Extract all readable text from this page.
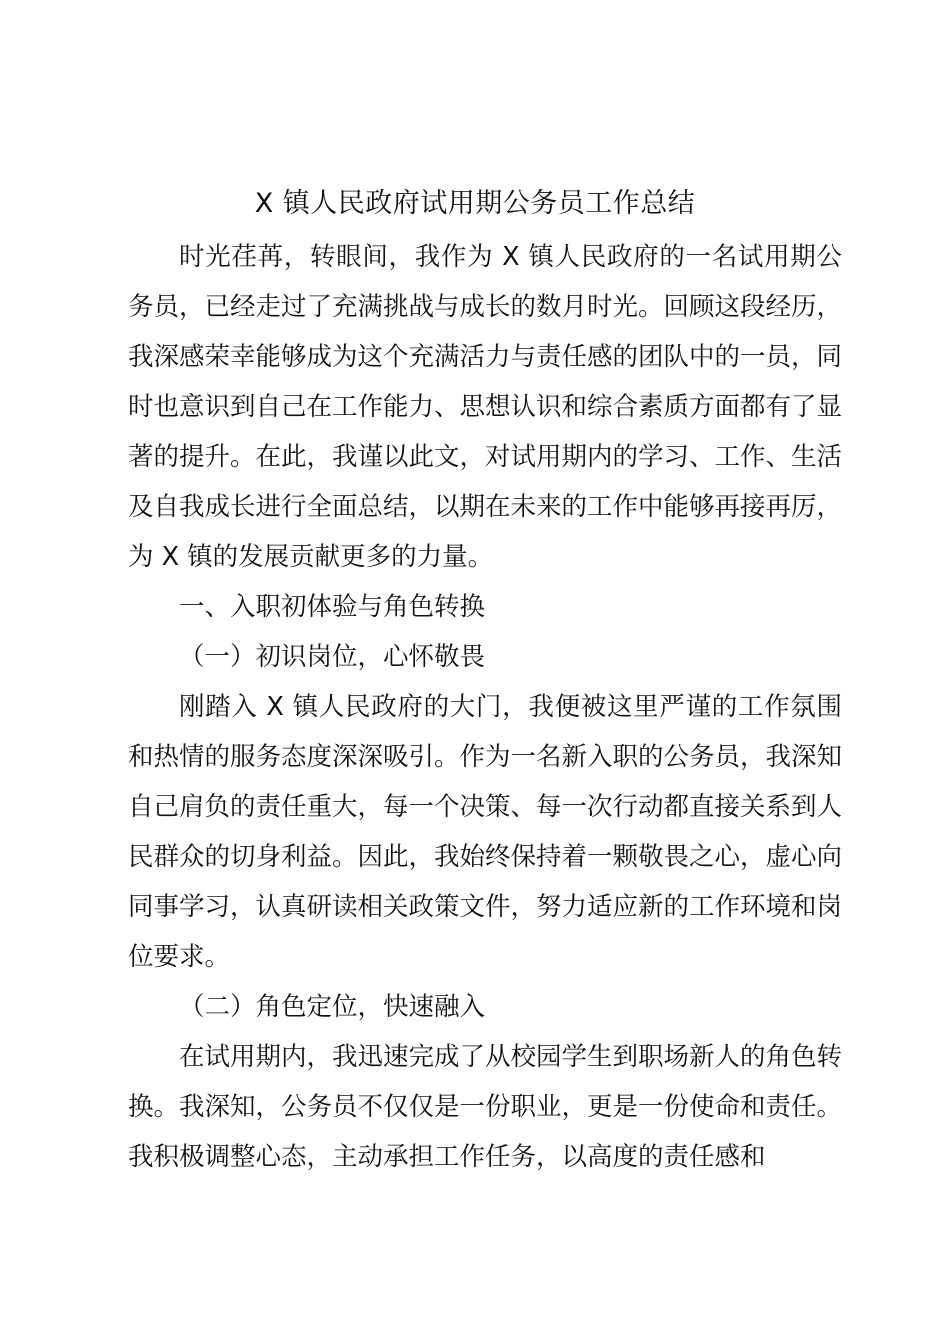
X 镇人民政府试用期公务员工作总结

时光荏苒，转眼间，我作为 X 镇人民政府的一名试用期公务员，已经走过了充满挑战与成长的数月时光。回顾这段经历，我深感荣幸能够成为这个充满活力与责任感的团队中的一员，同时也意识到自己在工作能力、思想认识和综合素质方面都有了显著的提升。在此，我谨以此文，对试用期内的学习、工作、生活及自我成长进行全面总结，以期在未来的工作中能够再接再厉，为 X 镇的发展贡献更多的力量。

一、入职初体验与角色转换

（一）初识岗位，心怀敬畏

刚踏入 X 镇人民政府的大门，我便被这里严谨的工作氛围和热情的服务态度深深吸引。作为一名新入职的公务员，我深知自己肩负的责任重大，每一个决策、每一次行动都直接关系到人民群众的切身利益。因此，我始终保持着一颗敬畏之心，虚心向同事学习，认真研读相关政策文件，努力适应新的工作环境和岗位要求。

（二）角色定位，快速融入

在试用期内，我迅速完成了从校园学生到职场新人的角色转换。我深知，公务员不仅仅是一份职业，更是一份使命和责任。我积极调整心态，主动承担工作任务，以高度的责任感和
